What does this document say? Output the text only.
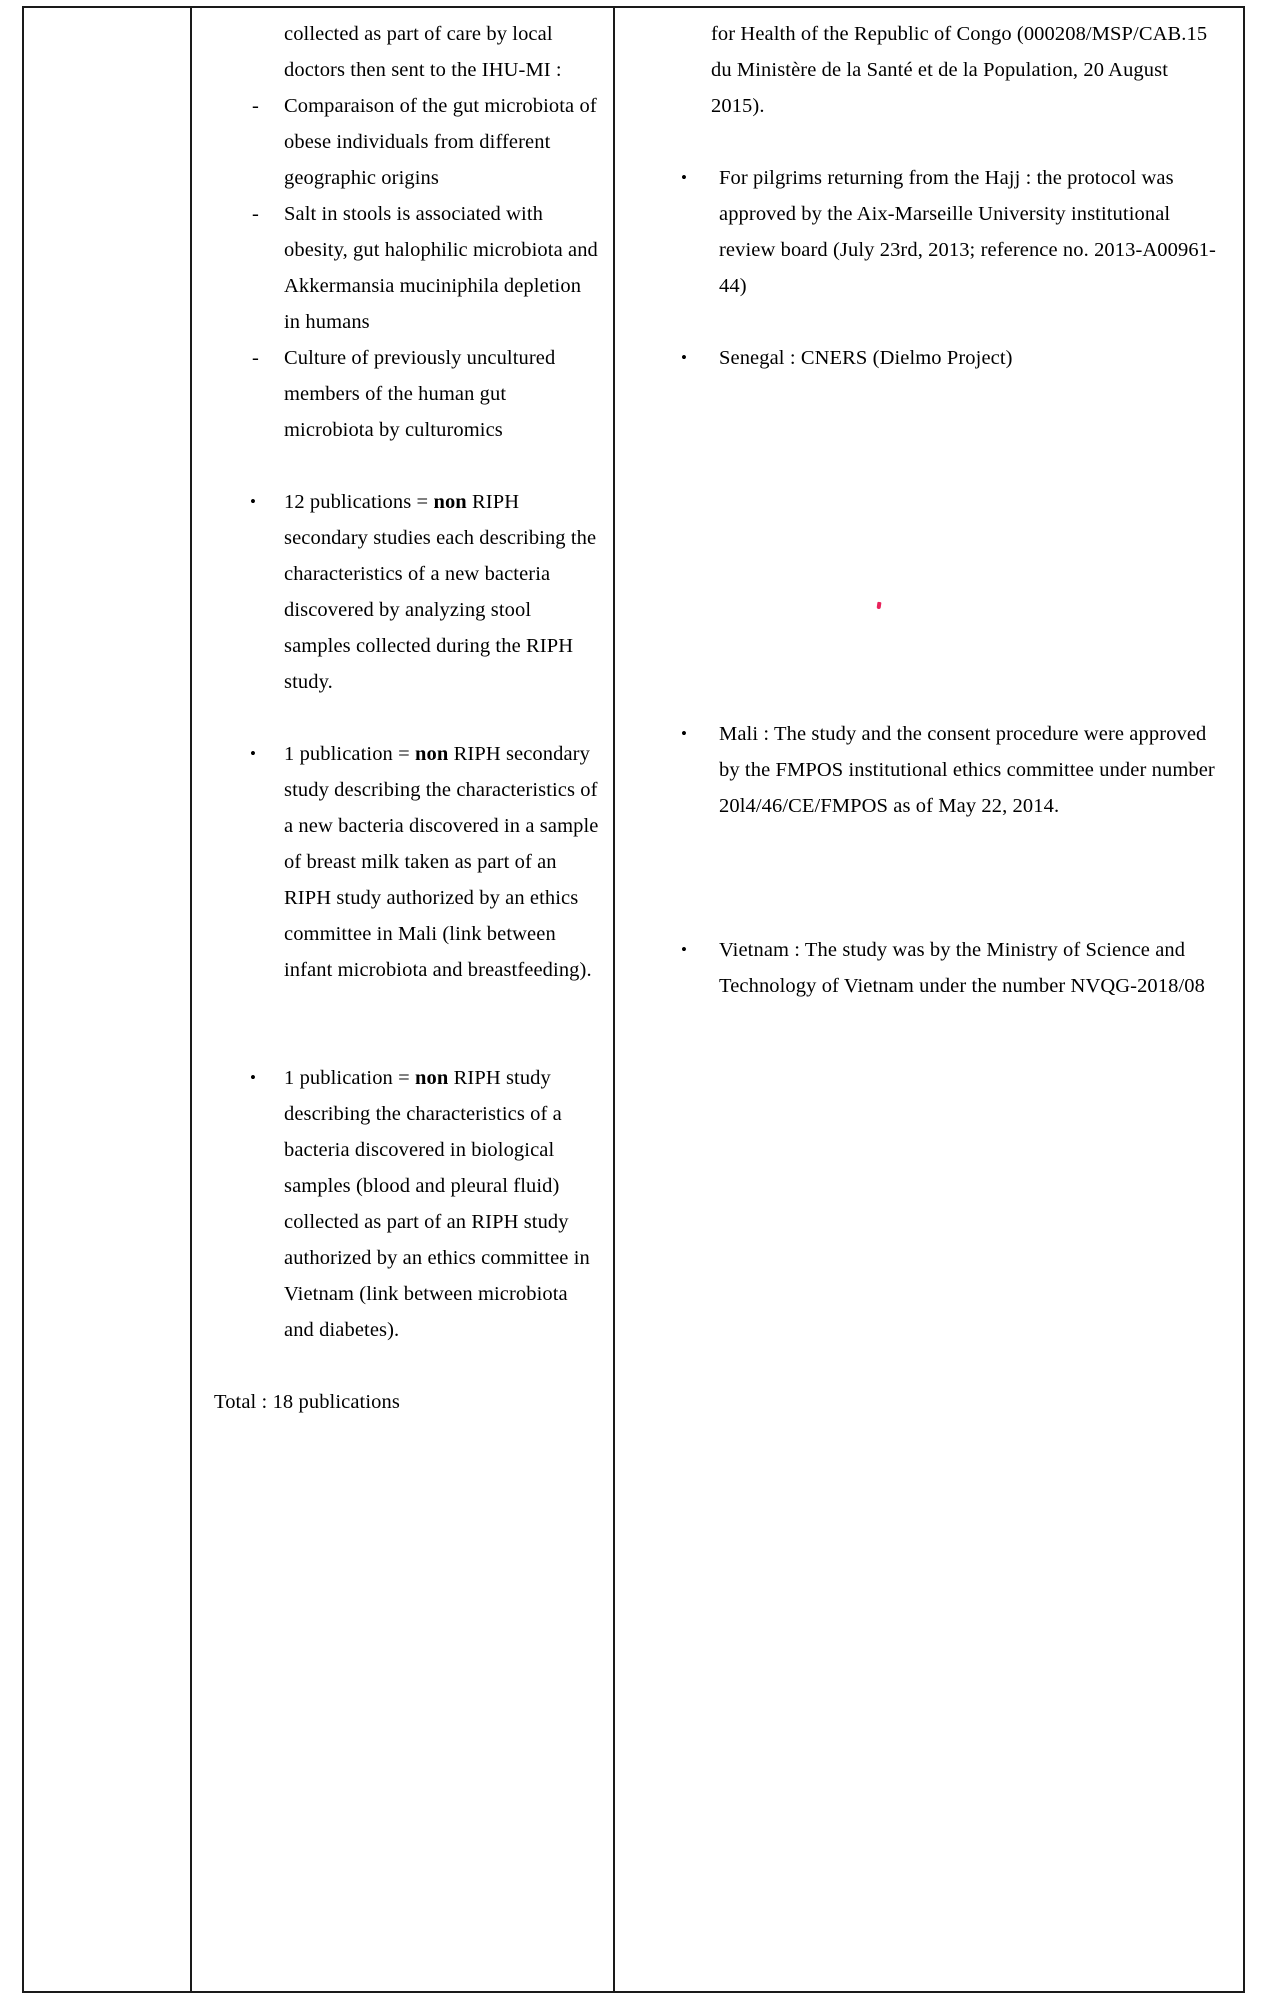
collected as part of care by local

doctors then sent to the IHU-MI :

- Comparaison of the gut microbiota of obese individuals from different geographic origins
- Salt in stools is associated with obesity, gut halophilic microbiota and Akkermansia muciniphila depletion in humans
- Culture of previously uncultured members of the human gut microbiota by culturomics
• 12 publications = non RIPH secondary studies each describing the characteristics of a new bacteria discovered by analyzing stool samples collected during the RIPH study.
• 1 publication = non RIPH secondary study describing the characteristics of a new bacteria discovered in a sample of breast milk taken as part of an RIPH study authorized by an ethics committee in Mali (link between infant microbiota and breastfeeding).
• 1 publication = non RIPH study describing the characteristics of a bacteria discovered in biological samples (blood and pleural fluid) collected as part of an RIPH study authorized by an ethics committee in Vietnam (link between microbiota and diabetes).

Total : 18 publications

for Health of the Republic of Congo (000208/MSP/CAB.15 du Ministère de la Santé et de la Population, 20 August 2015).

• For pilgrims returning from the Hajj : the protocol was approved by the Aix-Marseille University institutional review board (July 23rd, 2013; reference no. 2013-A00961-44)
• Senegal : CNERS (Dielmo Project)
• Mali : The study and the consent procedure were approved by the FMPOS institutional ethics committee under number 20l4/46/CE/FMPOS as of May 22, 2014.
• Vietnam : The study was by the Ministry of Science and Technology of Vietnam under the number NVQG-2018/08
